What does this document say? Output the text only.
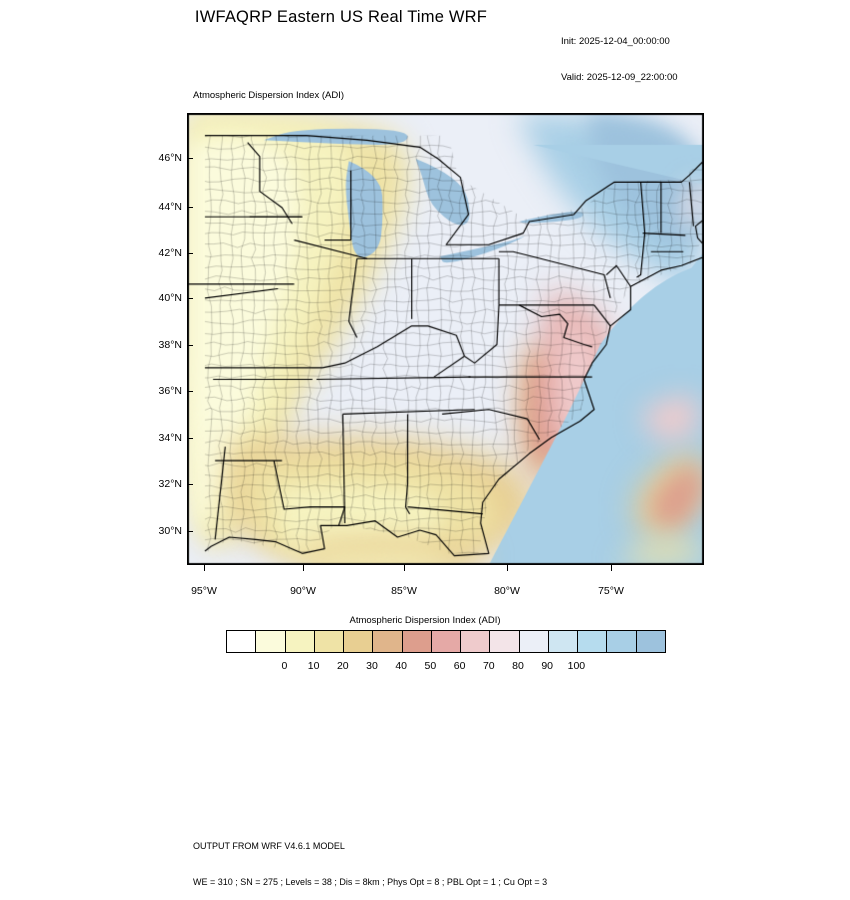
IWFAQRP Eastern US Real Time WRF

Init: 2025-12-04_00:00:00

Valid: 2025-12-09_22:00:00

Atmospheric Dispersion Index (ADI)
46°N
44°N
42°N
40°N
38°N
36°N
34°N
32°N
30°N
95°W	90°W	85°W	80°W	75°W
Atmospheric Dispersion Index (ADI)
0	10	20	30	40	50	60	70	80	90	100

OUTPUT FROM WRF V4.6.1 MODEL

WE = 310 ; SN = 275 ; Levels = 38 ; Dis = 8km ; Phys Opt = 8 ; PBL Opt = 1 ; Cu Opt = 3
